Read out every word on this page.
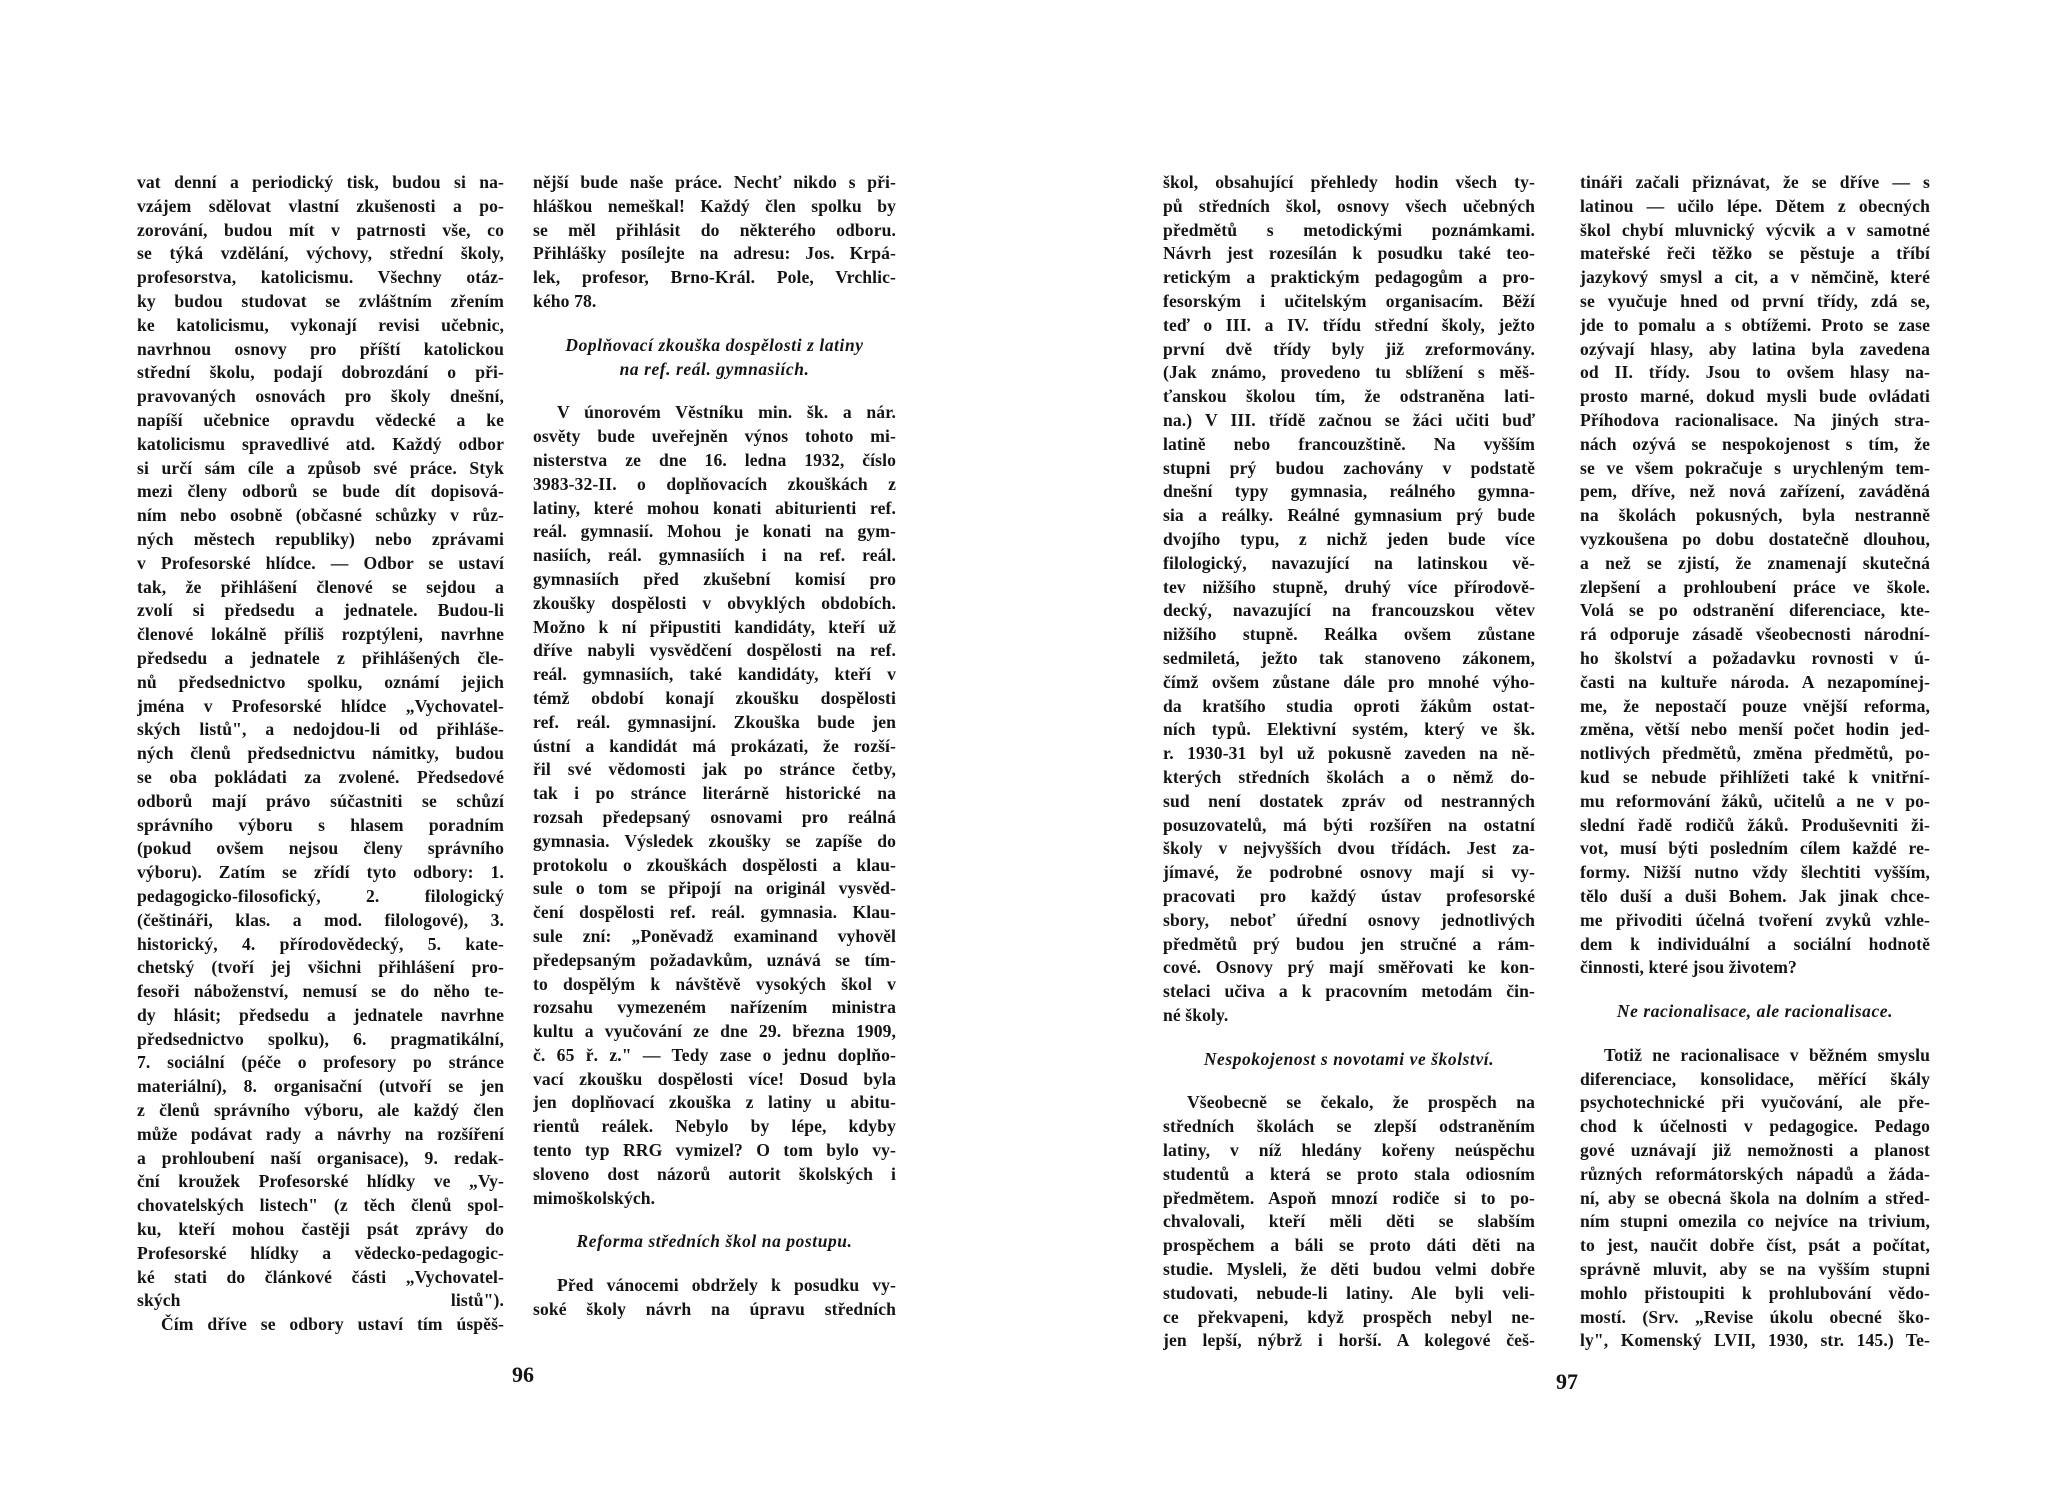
vat denní a periodický tisk, budou si na-
vzájem sdělovat vlastní zkušenosti a po-
zorování, budou mít v patrnosti vše, co
se týká vzdělání, výchovy, střední školy,
profesorstva, katolicismu. Všechny otáz-
ky budou studovat se zvláštním zřením
ke katolicismu, vykonají revisi učebnic,
navrhnou osnovy pro příští katolickou
střední školu, podají dobrozdání o při-
pravovaných osnovách pro školy dnešní,
napíší učebnice opravdu vědecké a ke
katolicismu spravedlivé atd. Každý odbor
si určí sám cíle a způsob své práce. Styk
mezi členy odborů se bude dít dopisová-
ním nebo osobně (občasné schůzky v růz-
ných městech republiky) nebo zprávami
v Profesorské hlídce. — Odbor se ustaví
tak, že přihlášení členové se sejdou a
zvolí si předsedu a jednatele. Budou-li
členové lokálně příliš rozptýleni, navrhne
předsedu a jednatele z přihlášených čle-
nů předsednictvo spolku, oznámí jejich
jména v Profesorské hlídce „Vychovatel-
ských listů", a nedojdou-li od přihláše-
ných členů předsednictvu námitky, budou
se oba pokládati za zvolené. Předsedové
odborů mají právo súčastniti se schůzí
správního výboru s hlasem poradním
(pokud ovšem nejsou členy správního
výboru). Zatím se zřídí tyto odbory: 1.
pedagogicko-filosofický, 2. filologický
(češtináři, klas. a mod. filologové), 3.
historický, 4. přírodovědecký, 5. kate-
chetský (tvoří jej všichni přihlášení pro-
fesoři náboženství, nemusí se do něho te-
dy hlásit; předsedu a jednatele navrhne
předsednictvo spolku), 6. pragmatikální,
7. sociální (péče o profesory po stránce
materiální), 8. organisační (utvoří se jen
z členů správního výboru, ale každý člen
může podávat rady a návrhy na rozšíření
a prohloubení naší organisace), 9. redak-
ční kroužek Profesorské hlídky ve „Vy-
chovatelských listech" (z těch členů spol-
ku, kteří mohou častěji psát zprávy do
Profesorské hlídky a vědecko-pedagogic-
ké stati do článkové části „Vychovatel-
ských listů").
Čím dříve se odbory ustaví tím úspěš-
nější bude naše práce. Nechť nikdo s při-
hláškou nemeškal! Každý člen spolku by
se měl přihlásit do některého odboru.
Přihlášky posílejte na adresu: Jos. Krpá-
lek, profesor, Brno-Král. Pole, Vrchlic-
kého 78.
Doplňovací zkouška dospělosti z latiny
na ref. reál. gymnasiích.
V únorovém Věstníku min. šk. a nár.
osvěty bude uveřejněn výnos tohoto mi-
nisterstva ze dne 16. ledna 1932, číslo
3983-32-II. o doplňovacích zkouškách z
latiny, které mohou konati abiturienti ref.
reál. gymnasií. Mohou je konati na gym-
nasiích, reál. gymnasiích i na ref. reál.
gymnasiích před zkušební komisí pro
zkoušky dospělosti v obvyklých obdobích.
Možno k ní připustiti kandidáty, kteří už
dříve nabyli vysvědčení dospělosti na ref.
reál. gymnasiích, také kandidáty, kteří v
témž období konají zkoušku dospělosti
ref. reál. gymnasijní. Zkouška bude jen
ústní a kandidát má prokázati, že rozší-
řil své vědomosti jak po stránce četby,
tak i po stránce literárně historické na
rozsah předepsaný osnovami pro reálná
gymnasia. Výsledek zkoušky se zapíše do
protokolu o zkouškách dospělosti a klau-
sule o tom se připojí na originál vysvěd-
čení dospělosti ref. reál. gymnasia. Klau-
sule zní: „Poněvadž examinand vyhověl
předepsaným požadavkům, uznává se tím-
to dospělým k návštěvě vysokých škol v
rozsahu vymezeném nařízením ministra
kultu a vyučování ze dne 29. března 1909,
č. 65 ř. z." — Tedy zase o jednu doplňo-
vací zkoušku dospělosti více! Dosud byla
jen doplňovací zkouška z latiny u abitu-
rientů reálek. Nebylo by lépe, kdyby
tento typ RRG vymizel? O tom bylo vy-
sloveno dost názorů autorit školských i
mimoškolských.
Reforma středních škol na postupu.
Před vánocemi obdržely k posudku vy-
soké školy návrh na úpravu středních
96
škol, obsahující přehledy hodin všech ty-
pů středních škol, osnovy všech učebných
předmětů s metodickými poznámkami.
Návrh jest rozesílán k posudku také teo-
retickým a praktickým pedagogům a pro-
fesorským i učitelským organisacím. Běží
teď o III. a IV. třídu střední školy, ježto
první dvě třídy byly již zreformovány.
(Jak známo, provedeno tu sblížení s měš-
ťanskou školou tím, že odstraněna lati-
na.) V III. třídě začnou se žáci učiti buď
latině nebo francouzštině. Na vyšším
stupni prý budou zachovány v podstatě
dnešní typy gymnasia, reálného gymna-
sia a reálky. Reálné gymnasium prý bude
dvojího typu, z nichž jeden bude více
filologický, navazující na latinskou vě-
tev nižšího stupně, druhý více přírodově-
decký, navazující na francouzskou větev
nižšího stupně. Reálka ovšem zůstane
sedmiletá, ježto tak stanoveno zákonem,
čímž ovšem zůstane dále pro mnohé výho-
da kratšího studia oproti žákům ostat-
ních typů. Elektivní systém, který ve šk.
r. 1930-31 byl už pokusně zaveden na ně-
kterých středních školách a o němž do-
sud není dostatek zpráv od nestranných
posuzovatelů, má býti rozšířen na ostatní
školy v nejvyšších dvou třídách. Jest za-
jímavé, že podrobné osnovy mají si vy-
pracovati pro každý ústav profesorské
sbory, neboť úřední osnovy jednotlivých
předmětů prý budou jen stručné a rám-
cové. Osnovy prý mají směřovati ke kon-
stelaci učiva a k pracovním metodám čin-
né školy.
Nespokojenost s novotami ve školství.
Všeobecně se čekalo, že prospěch na
středních školách se zlepší odstraněním
latiny, v níž hledány kořeny neúspěchu
studentů a která se proto stala odiosním
předmětem. Aspoň mnozí rodiče si to po-
chvalovali, kteří měli děti se slabším
prospěchem a báli se proto dáti děti na
studie. Mysleli, že děti budou velmi dobře
studovati, nebude-li latiny. Ale byli veli-
ce překvapeni, když prospěch nebyl ne-
jen lepší, nýbrž i horší. A kolegové češ-
tináři začali přiznávat, že se dříve — s
latinou — učilo lépe. Dětem z obecných
škol chybí mluvnický výcvik a v samotné
mateřské řeči těžko se pěstuje a tříbí
jazykový smysl a cit, a v němčině, které
se vyučuje hned od první třídy, zdá se,
jde to pomalu a s obtížemi. Proto se zase
ozývají hlasy, aby latina byla zavedena
od II. třídy. Jsou to ovšem hlasy na-
prosto marné, dokud mysli bude ovládati
Příhodova racionalisace. Na jiných stra-
nách ozývá se nespokojenost s tím, že
se ve všem pokračuje s urychleným tem-
pem, dříve, než nová zařízení, zaváděná
na školách pokusných, byla nestranně
vyzkoušena po dobu dostatečně dlouhou,
a než se zjistí, že znamenají skutečná
zlepšení a prohloubení práce ve škole.
Volá se po odstranění diferenciace, kte-
rá odporuje zásadě všeobecnosti národní-
ho školství a požadavku rovnosti v ú-
časti na kultuře národa. A nezapomínej-
me, že nepostačí pouze vnější reforma,
změna, větší nebo menší počet hodin jed-
notlivých předmětů, změna předmětů, po-
kud se nebude přihlížeti také k vnitřní-
mu reformování žáků, učitelů a ne v po-
slední řadě rodičů žáků. Produševniti ži-
vot, musí býti posledním cílem každé re-
formy. Nižší nutno vždy šlechtiti vyšším,
tělo duší a duši Bohem. Jak jinak chce-
me přivoditi účelná tvoření zvyků vzhle-
dem k individuální a sociální hodnotě
činnosti, které jsou životem?
Ne racionalisace, ale racionalisace.
Totiž ne racionalisace v běžném smyslu
diferenciace, konsolidace, měřící škály
psychotechnické při vyučování, ale pře-
chod k účelnosti v pedagogice. Pedago
gové uznávají již nemožnosti a planost
různých reformátorských nápadů a žáda-
ní, aby se obecná škola na dolním a střed-
ním stupni omezila co nejvíce na trivium,
to jest, naučit dobře číst, psát a počítat,
správně mluvit, aby se na vyšším stupni
mohlo přistoupiti k prohlubování vědo-
mostí. (Srv. „Revise úkolu obecné ško-
ly", Komenský LVII, 1930, str. 145.) Te-
97
